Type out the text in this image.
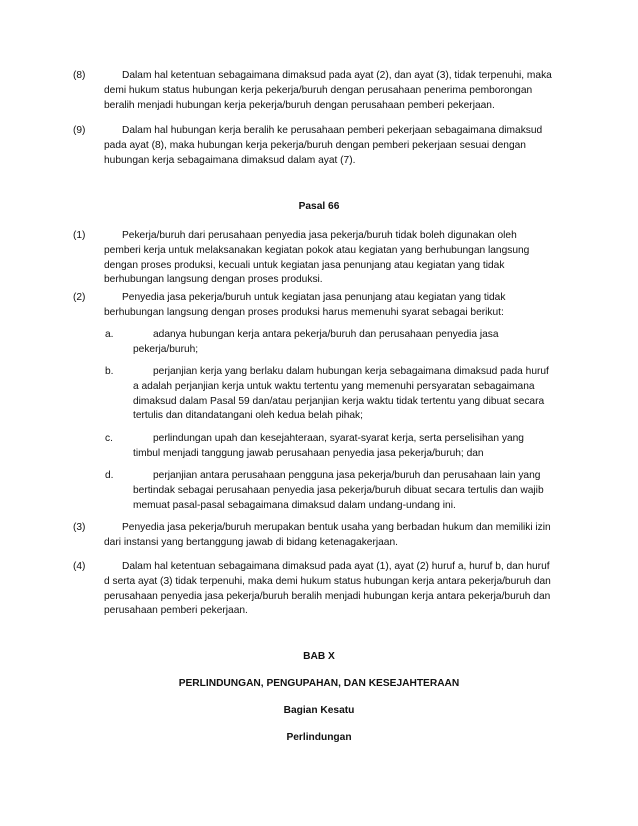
(8)	Dalam hal ketentuan sebagaimana dimaksud pada ayat (2), dan ayat (3), tidak terpenuhi, maka
demi hukum status hubungan kerja pekerja/buruh dengan perusahaan penerima pemborongan
beralih menjadi hubungan kerja pekerja/buruh dengan perusahaan pemberi pekerjaan.
(9)	Dalam hal hubungan kerja beralih ke perusahaan pemberi pekerjaan sebagaimana dimaksud
pada ayat (8), maka hubungan kerja pekerja/buruh dengan pemberi pekerjaan sesuai dengan
hubungan kerja sebagaimana dimaksud dalam ayat (7).
Pasal 66
(1)	Pekerja/buruh dari perusahaan penyedia jasa pekerja/buruh tidak boleh digunakan oleh
pemberi kerja untuk melaksanakan kegiatan pokok atau kegiatan yang berhubungan langsung
dengan proses produksi, kecuali untuk kegiatan jasa penunjang atau kegiatan yang tidak
berhubungan langsung dengan proses produksi.
(2)	Penyedia jasa pekerja/buruh untuk kegiatan jasa penunjang atau kegiatan yang tidak
berhubungan langsung dengan proses produksi harus memenuhi syarat sebagai berikut:
a.	adanya hubungan kerja antara pekerja/buruh dan perusahaan penyedia jasa
pekerja/buruh;
b.	perjanjian kerja yang berlaku dalam hubungan kerja sebagaimana dimaksud pada huruf
a adalah perjanjian kerja untuk waktu tertentu yang memenuhi persyaratan sebagaimana
dimaksud dalam Pasal 59 dan/atau perjanjian kerja waktu tidak tertentu yang dibuat secara
tertulis dan ditandatangani oleh kedua belah pihak;
c.	perlindungan upah dan kesejahteraan, syarat-syarat kerja, serta perselisihan yang
timbul menjadi tanggung jawab perusahaan penyedia jasa pekerja/buruh; dan
d.	perjanjian antara perusahaan pengguna jasa pekerja/buruh dan perusahaan lain yang
bertindak sebagai perusahaan penyedia jasa pekerja/buruh dibuat secara tertulis dan wajib
memuat pasal-pasal sebagaimana dimaksud dalam undang-undang ini.
(3)	Penyedia jasa pekerja/buruh merupakan bentuk usaha yang berbadan hukum dan memiliki izin
dari instansi yang bertanggung jawab di bidang ketenagakerjaan.
(4)	Dalam hal ketentuan sebagaimana dimaksud pada ayat (1), ayat (2) huruf a, huruf b, dan huruf
d serta ayat (3) tidak terpenuhi, maka demi hukum status hubungan kerja antara pekerja/buruh dan
perusahaan penyedia jasa pekerja/buruh beralih menjadi hubungan kerja antara pekerja/buruh dan
perusahaan pemberi pekerjaan.
BAB X
PERLINDUNGAN, PENGUPAHAN, DAN KESEJAHTERAAN
Bagian Kesatu
Perlindungan
